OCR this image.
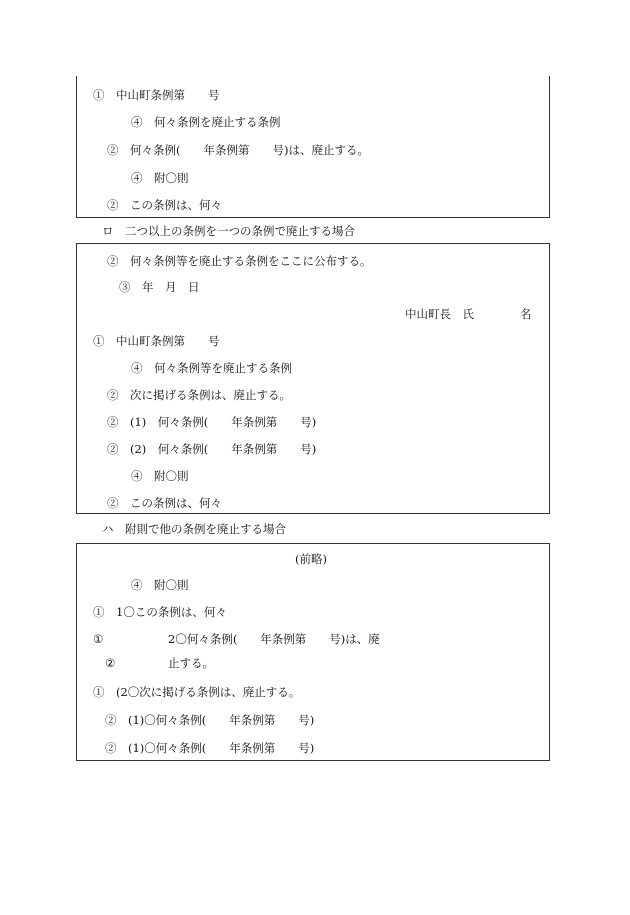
①　中山町条例第　　号
④　何々条例を廃止する条例
②　何々条例(　　年条例第　　号)は、廃止する。
④　附〇則
②　この条例は、何々
ロ　二つ以上の条例を一つの条例で廃止する場合
②　何々条例等を廃止する条例をここに公布する。
③　年　月　日
中山町長　氏　　　　名
①　中山町条例第　　号
④　何々条例等を廃止する条例
②　次に掲げる条例は、廃止する。
②　(1)　何々条例(　　年条例第　　号)
②　(2)　何々条例(　　年条例第　　号)
④　附〇則
②　この条例は、何々
ハ　附則で他の条例を廃止する場合
(前略)
④　附〇則
①　1〇この条例は、何々
①	2〇何々条例(　　年条例第　　号)は、廃
②	止する。
①　(2〇次に掲げる条例は、廃止する。
②　(1)〇何々条例(　　年条例第　　号)
②　(1)〇何々条例(　　年条例第　　号)
